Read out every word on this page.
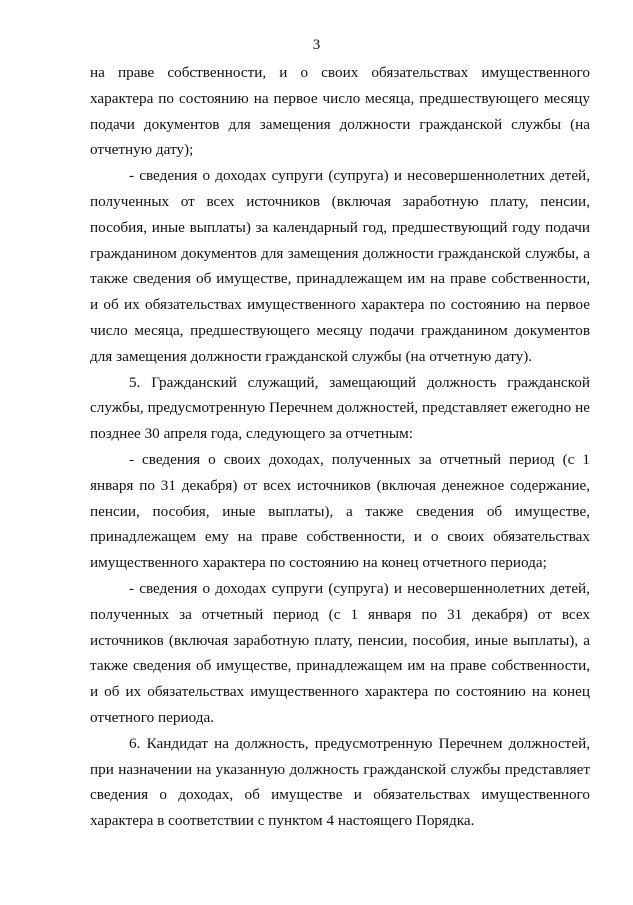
3

на праве собственности, и о своих обязательствах имущественного характера по состоянию на первое число месяца, предшествующего месяцу подачи документов для замещения должности гражданской службы (на отчетную дату);

- сведения о доходах супруги (супруга) и несовершеннолетних детей, полученных от всех источников (включая заработную плату, пенсии, пособия, иные выплаты) за календарный год, предшествующий году подачи гражданином документов для замещения должности гражданской службы, а также сведения об имуществе, принадлежащем им на праве собственности, и об их обязательствах имущественного характера по состоянию на первое число месяца, предшествующего месяцу подачи гражданином документов для замещения должности гражданской службы (на отчетную дату).

5. Гражданский служащий, замещающий должность гражданской службы, предусмотренную Перечнем должностей, представляет ежегодно не позднее 30 апреля года, следующего за отчетным:

- сведения о своих доходах, полученных за отчетный период (с 1 января по 31 декабря) от всех источников (включая денежное содержание, пенсии, пособия, иные выплаты), а также сведения об имуществе, принадлежащем ему на праве собственности, и о своих обязательствах имущественного характера по состоянию на конец отчетного периода;

- сведения о доходах супруги (супруга) и несовершеннолетних детей, полученных за отчетный период (с 1 января по 31 декабря) от всех источников (включая заработную плату, пенсии, пособия, иные выплаты), а также сведения об имуществе, принадлежащем им на праве собственности, и об их обязательствах имущественного характера по состоянию на конец отчетного периода.

6. Кандидат на должность, предусмотренную Перечнем должностей, при назначении на указанную должность гражданской службы представляет сведения о доходах, об имуществе и обязательствах имущественного характера в соответствии с пунктом 4 настоящего Порядка.
